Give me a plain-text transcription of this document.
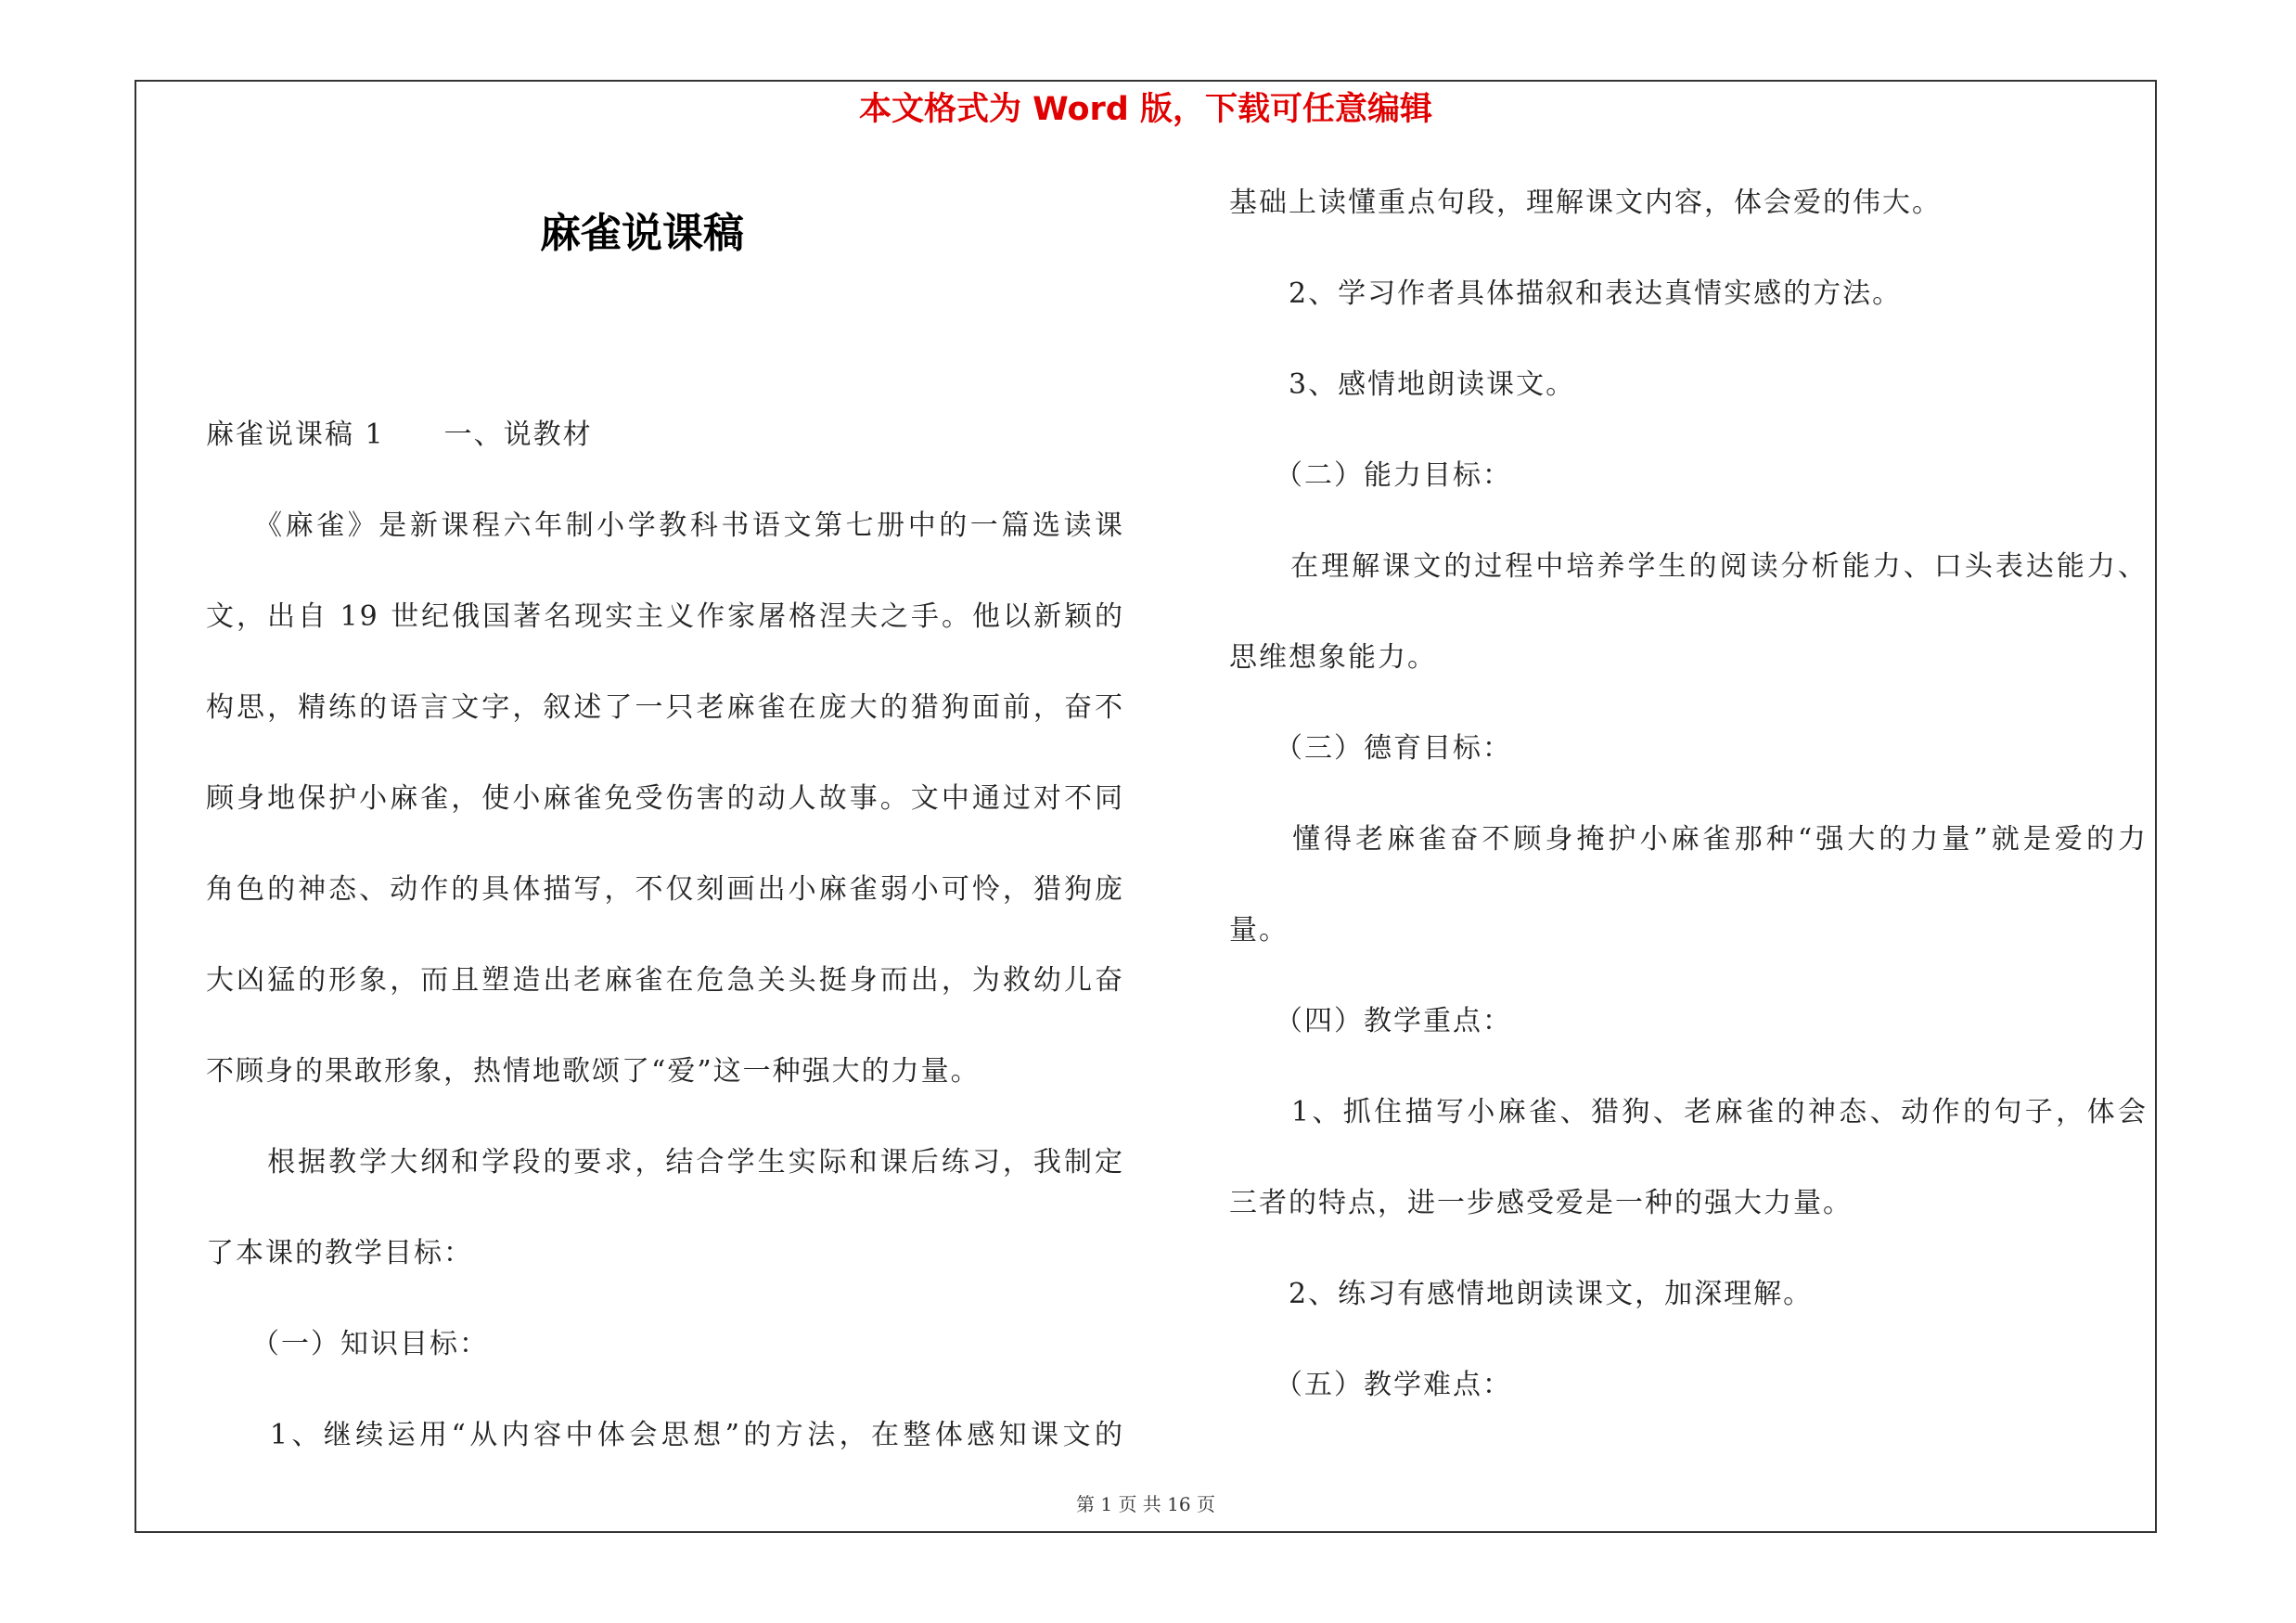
本文格式为 Word 版，下载可任意编辑
麻雀说课稿
麻雀说课稿 1　　一、说教材
　　《麻雀》是新课程六年制小学教科书语文第七册中的一篇选读课
文，出自 19 世纪俄国著名现实主义作家屠格涅夫之手。他以新颖的
构思，精练的语言文字，叙述了一只老麻雀在庞大的猎狗面前，奋不
顾身地保护小麻雀，使小麻雀免受伤害的动人故事。文中通过对不同
角色的神态、动作的具体描写，不仅刻画出小麻雀弱小可怜，猎狗庞
大凶猛的形象，而且塑造出老麻雀在危急关头挺身而出，为救幼儿奋
不顾身的果敢形象，热情地歌颂了“爱”这一种强大的力量。
　　根据教学大纲和学段的要求，结合学生实际和课后练习，我制定
了本课的教学目标：
　　（一）知识目标：
　　1、继续运用“从内容中体会思想”的方法，在整体感知课文的
基础上读懂重点句段，理解课文内容，体会爱的伟大。
　　2、学习作者具体描叙和表达真情实感的方法。
　　3、感情地朗读课文。
　　（二）能力目标：
　　在理解课文的过程中培养学生的阅读分析能力、口头表达能力、
思维想象能力。
　　（三）德育目标：
　　懂得老麻雀奋不顾身掩护小麻雀那种“强大的力量”就是爱的力
量。
　　（四）教学重点：
　　1、抓住描写小麻雀、猎狗、老麻雀的神态、动作的句子，体会
三者的特点，进一步感受爱是一种的强大力量。
　　2、练习有感情地朗读课文，加深理解。
　　（五）教学难点：
第 1 页 共 16 页
